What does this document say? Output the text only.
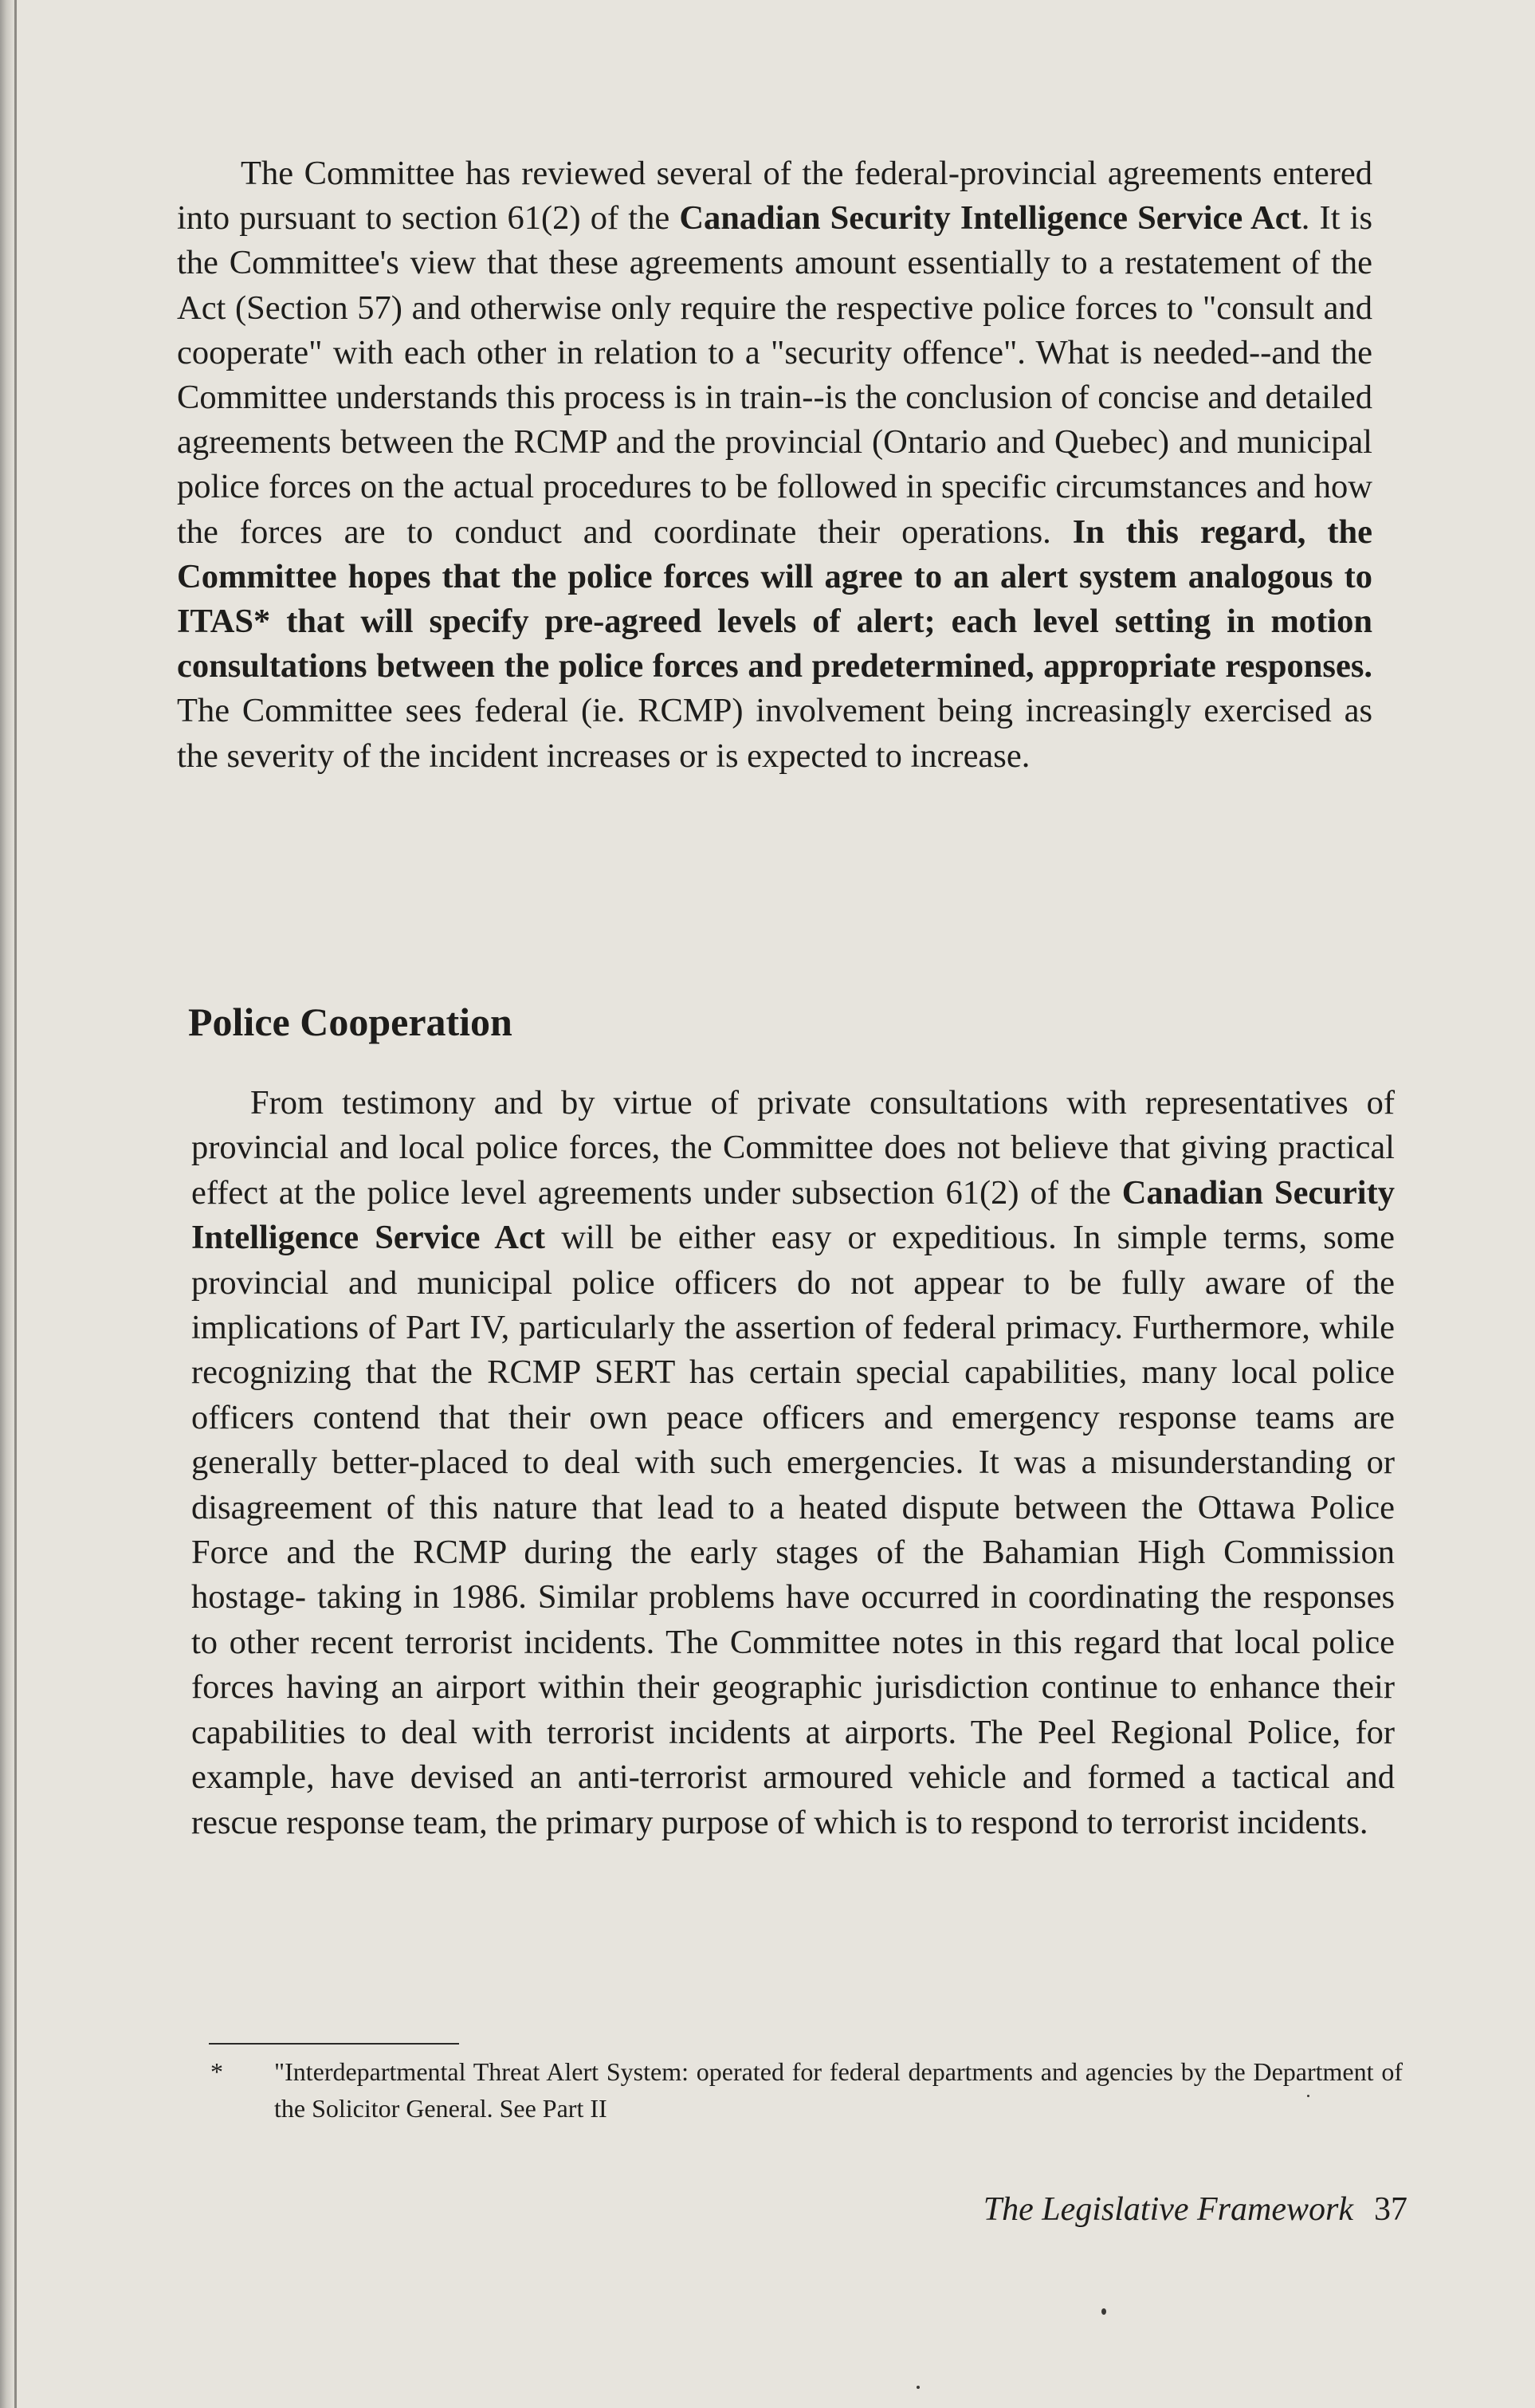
The Committee has reviewed several of the federal-provincial agreements entered into pursuant to section 61(2) of the Canadian Security Intelligence Service Act. It is the Committee's view that these agreements amount essentially to a restatement of the Act (Section 57) and otherwise only require the respective police forces to "consult and cooperate" with each other in relation to a "security offence". What is needed--and the Committee understands this process is in train--is the conclusion of concise and detailed agreements between the RCMP and the provincial (Ontario and Quebec) and municipal police forces on the actual procedures to be followed in specific circumstances and how the forces are to conduct and coordinate their operations. In this regard, the Committee hopes that the police forces will agree to an alert system analogous to ITAS* that will specify pre-agreed levels of alert; each level setting in motion consultations between the police forces and predetermined, appropriate responses. The Committee sees federal (ie. RCMP) involvement being increasingly exercised as the severity of the incident increases or is expected to increase.

Police Cooperation

From testimony and by virtue of private consultations with representatives of provincial and local police forces, the Committee does not believe that giving practical effect at the police level agreements under subsection 61(2) of the Canadian Security Intelligence Service Act will be either easy or expeditious. In simple terms, some provincial and municipal police officers do not appear to be fully aware of the implications of Part IV, particularly the assertion of federal primacy. Furthermore, while recognizing that the RCMP SERT has certain special capabilities, many local police officers contend that their own peace officers and emergency response teams are generally better-placed to deal with such emergencies. It was a misunderstanding or disagreement of this nature that lead to a heated dispute between the Ottawa Police Force and the RCMP during the early stages of the Bahamian High Commission hostage- taking in 1986. Similar problems have occurred in coordinating the responses to other recent terrorist incidents. The Committee notes in this regard that local police forces having an airport within their geographic jurisdiction continue to enhance their capabilities to deal with terrorist incidents at airports. The Peel Regional Police, for example, have devised an anti-terrorist armoured vehicle and formed a tactical and rescue response team, the primary purpose of which is to respond to terrorist incidents.

* "Interdepartmental Threat Alert System: operated for federal departments and agencies by the Department of the Solicitor General. See Part II
The Legislative Framework 37
